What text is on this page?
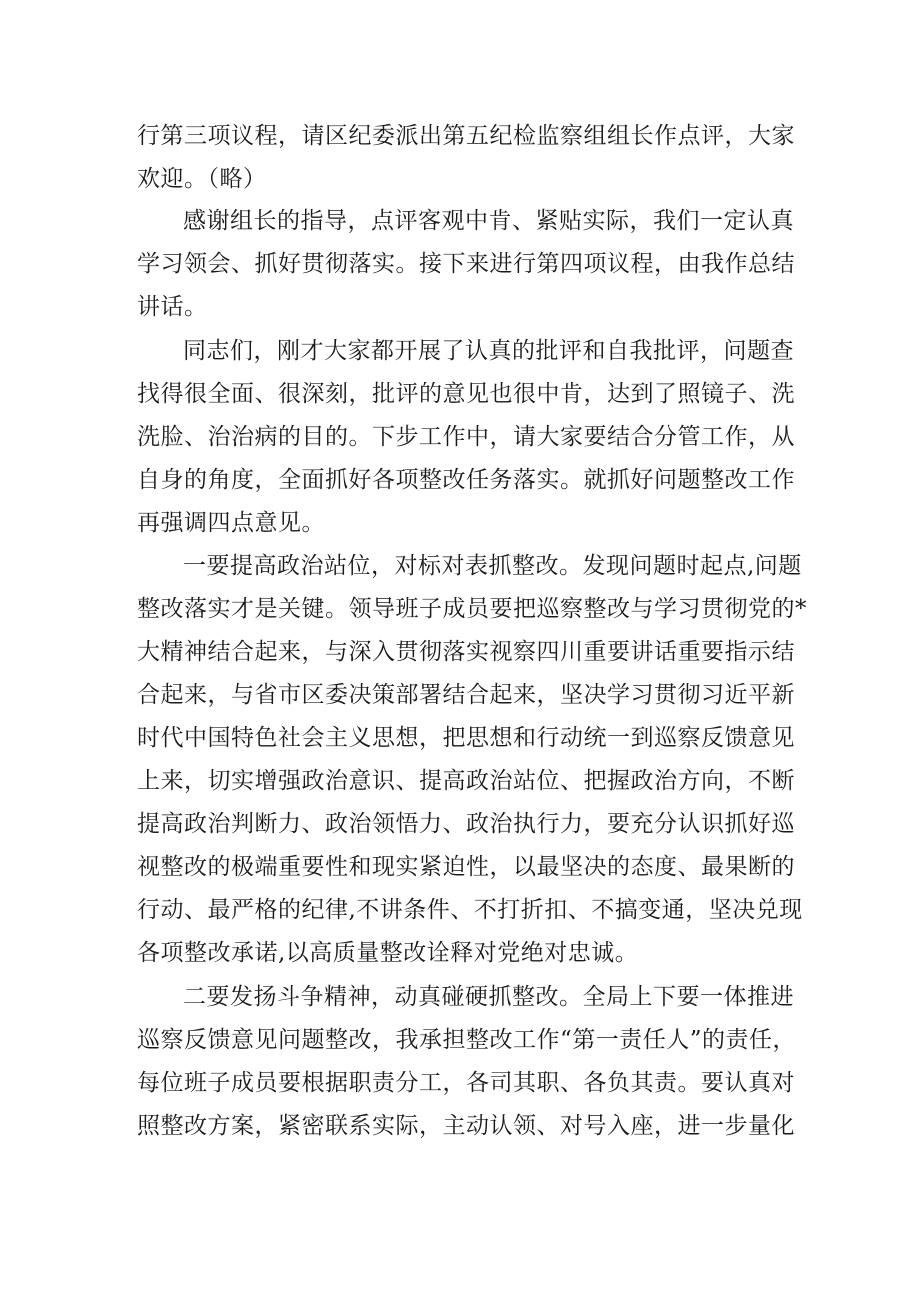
行第三项议程，请区纪委派出第五纪检监察组组长作点评，大家
欢迎。（略）
感谢组长的指导，点评客观中肯、紧贴实际，我们一定认真
学习领会、抓好贯彻落实。接下来进行第四项议程，由我作总结
讲话。
同志们，刚才大家都开展了认真的批评和自我批评，问题查
找得很全面、很深刻，批评的意见也很中肯，达到了照镜子、洗
洗脸、治治病的目的。下步工作中，请大家要结合分管工作，从
自身的角度，全面抓好各项整改任务落实。就抓好问题整改工作
再强调四点意见。
一要提高政治站位，对标对表抓整改。发现问题时起点,问题
整改落实才是关键。领导班子成员要把巡察整改与学习贯彻党的*
大精神结合起来，与深入贯彻落实视察四川重要讲话重要指示结
合起来，与省市区委决策部署结合起来，坚决学习贯彻习近平新
时代中国特色社会主义思想，把思想和行动统一到巡察反馈意见
上来，切实增强政治意识、提高政治站位、把握政治方向，不断
提高政治判断力、政治领悟力、政治执行力，要充分认识抓好巡
视整改的极端重要性和现实紧迫性，以最坚决的态度、最果断的
行动、最严格的纪律,不讲条件、不打折扣、不搞变通，坚决兑现
各项整改承诺,以高质量整改诠释对党绝对忠诚。
二要发扬斗争精神，动真碰硬抓整改。全局上下要一体推进
巡察反馈意见问题整改，我承担整改工作“第一责任人”的责任，
每位班子成员要根据职责分工，各司其职、各负其责。要认真对
照整改方案，紧密联系实际，主动认领、对号入座，进一步量化
